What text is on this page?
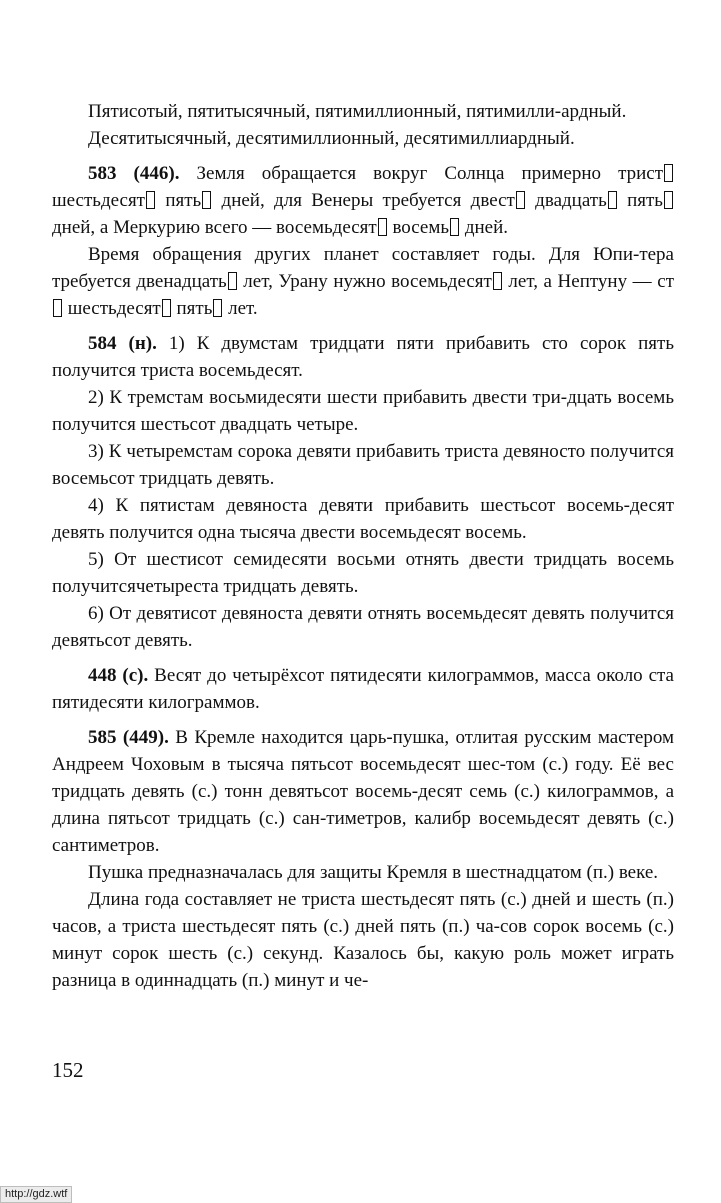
Пятисотый, пятитысячный, пятимиллионный, пятимилли-ардный.

Десятитысячный, десятимиллионный, десятимиллиардный.

583 (446). Земля обращается вокруг Солнца примерно трист шестьдесят пять дней, для Венеры требуется двест двадцать пять дней, а Меркурию всего — восемьдесят восемь дней.

Время обращения других планет составляет годы. Для Юпи-тера требуется двенадцать лет, Урану нужно восемьдесят лет, а Нептуну — ст шестьдесят пять лет.

584 (н). 1) К двумстам тридцати пяти прибавить сто сорок пять получится триста восемьдесят.

2) К тремстам восьмидесяти шести прибавить двести три-дцать восемь получится шестьсот двадцать четыре.

3) К четыремстам сорока девяти прибавить триста девяносто получится восемьсот тридцать девять.

4) К пятистам девяноста девяти прибавить шестьсот восемь-десят девять получится одна тысяча двести восемьдесят восемь.

5) От шестисот семидесяти восьми отнять двести тридцать восемь получитсячетыреста тридцать девять.

6) От девятисот девяноста девяти отнять восемьдесят девять получится девятьсот девять.

448 (с). Весят до четырёхсот пятидесяти килограммов, масса около ста пятидесяти килограммов.

585 (449). В Кремле находится царь-пушка, отлитая русским мастером Андреем Чоховым в тысяча пятьсот восемьдесят шес-том (с.) году. Её вес тридцать девять (с.) тонн девятьсот восемь-десят семь (с.) килограммов, а длина пятьсот тридцать (с.) сан-тиметров, калибр восемьдесят девять (с.) сантиметров.

Пушка предназначалась для защиты Кремля в шестнадцатом (п.) веке.

Длина года составляет не триста шестьдесят пять (с.) дней и шесть (п.) часов, а триста шестьдесят пять (с.) дней пять (п.) ча-сов сорок восемь (с.) минут сорок шесть (с.) секунд. Казалось бы, какую роль может играть разница в одиннадцать (п.) минут и че-

152
http://gdz.wtf
